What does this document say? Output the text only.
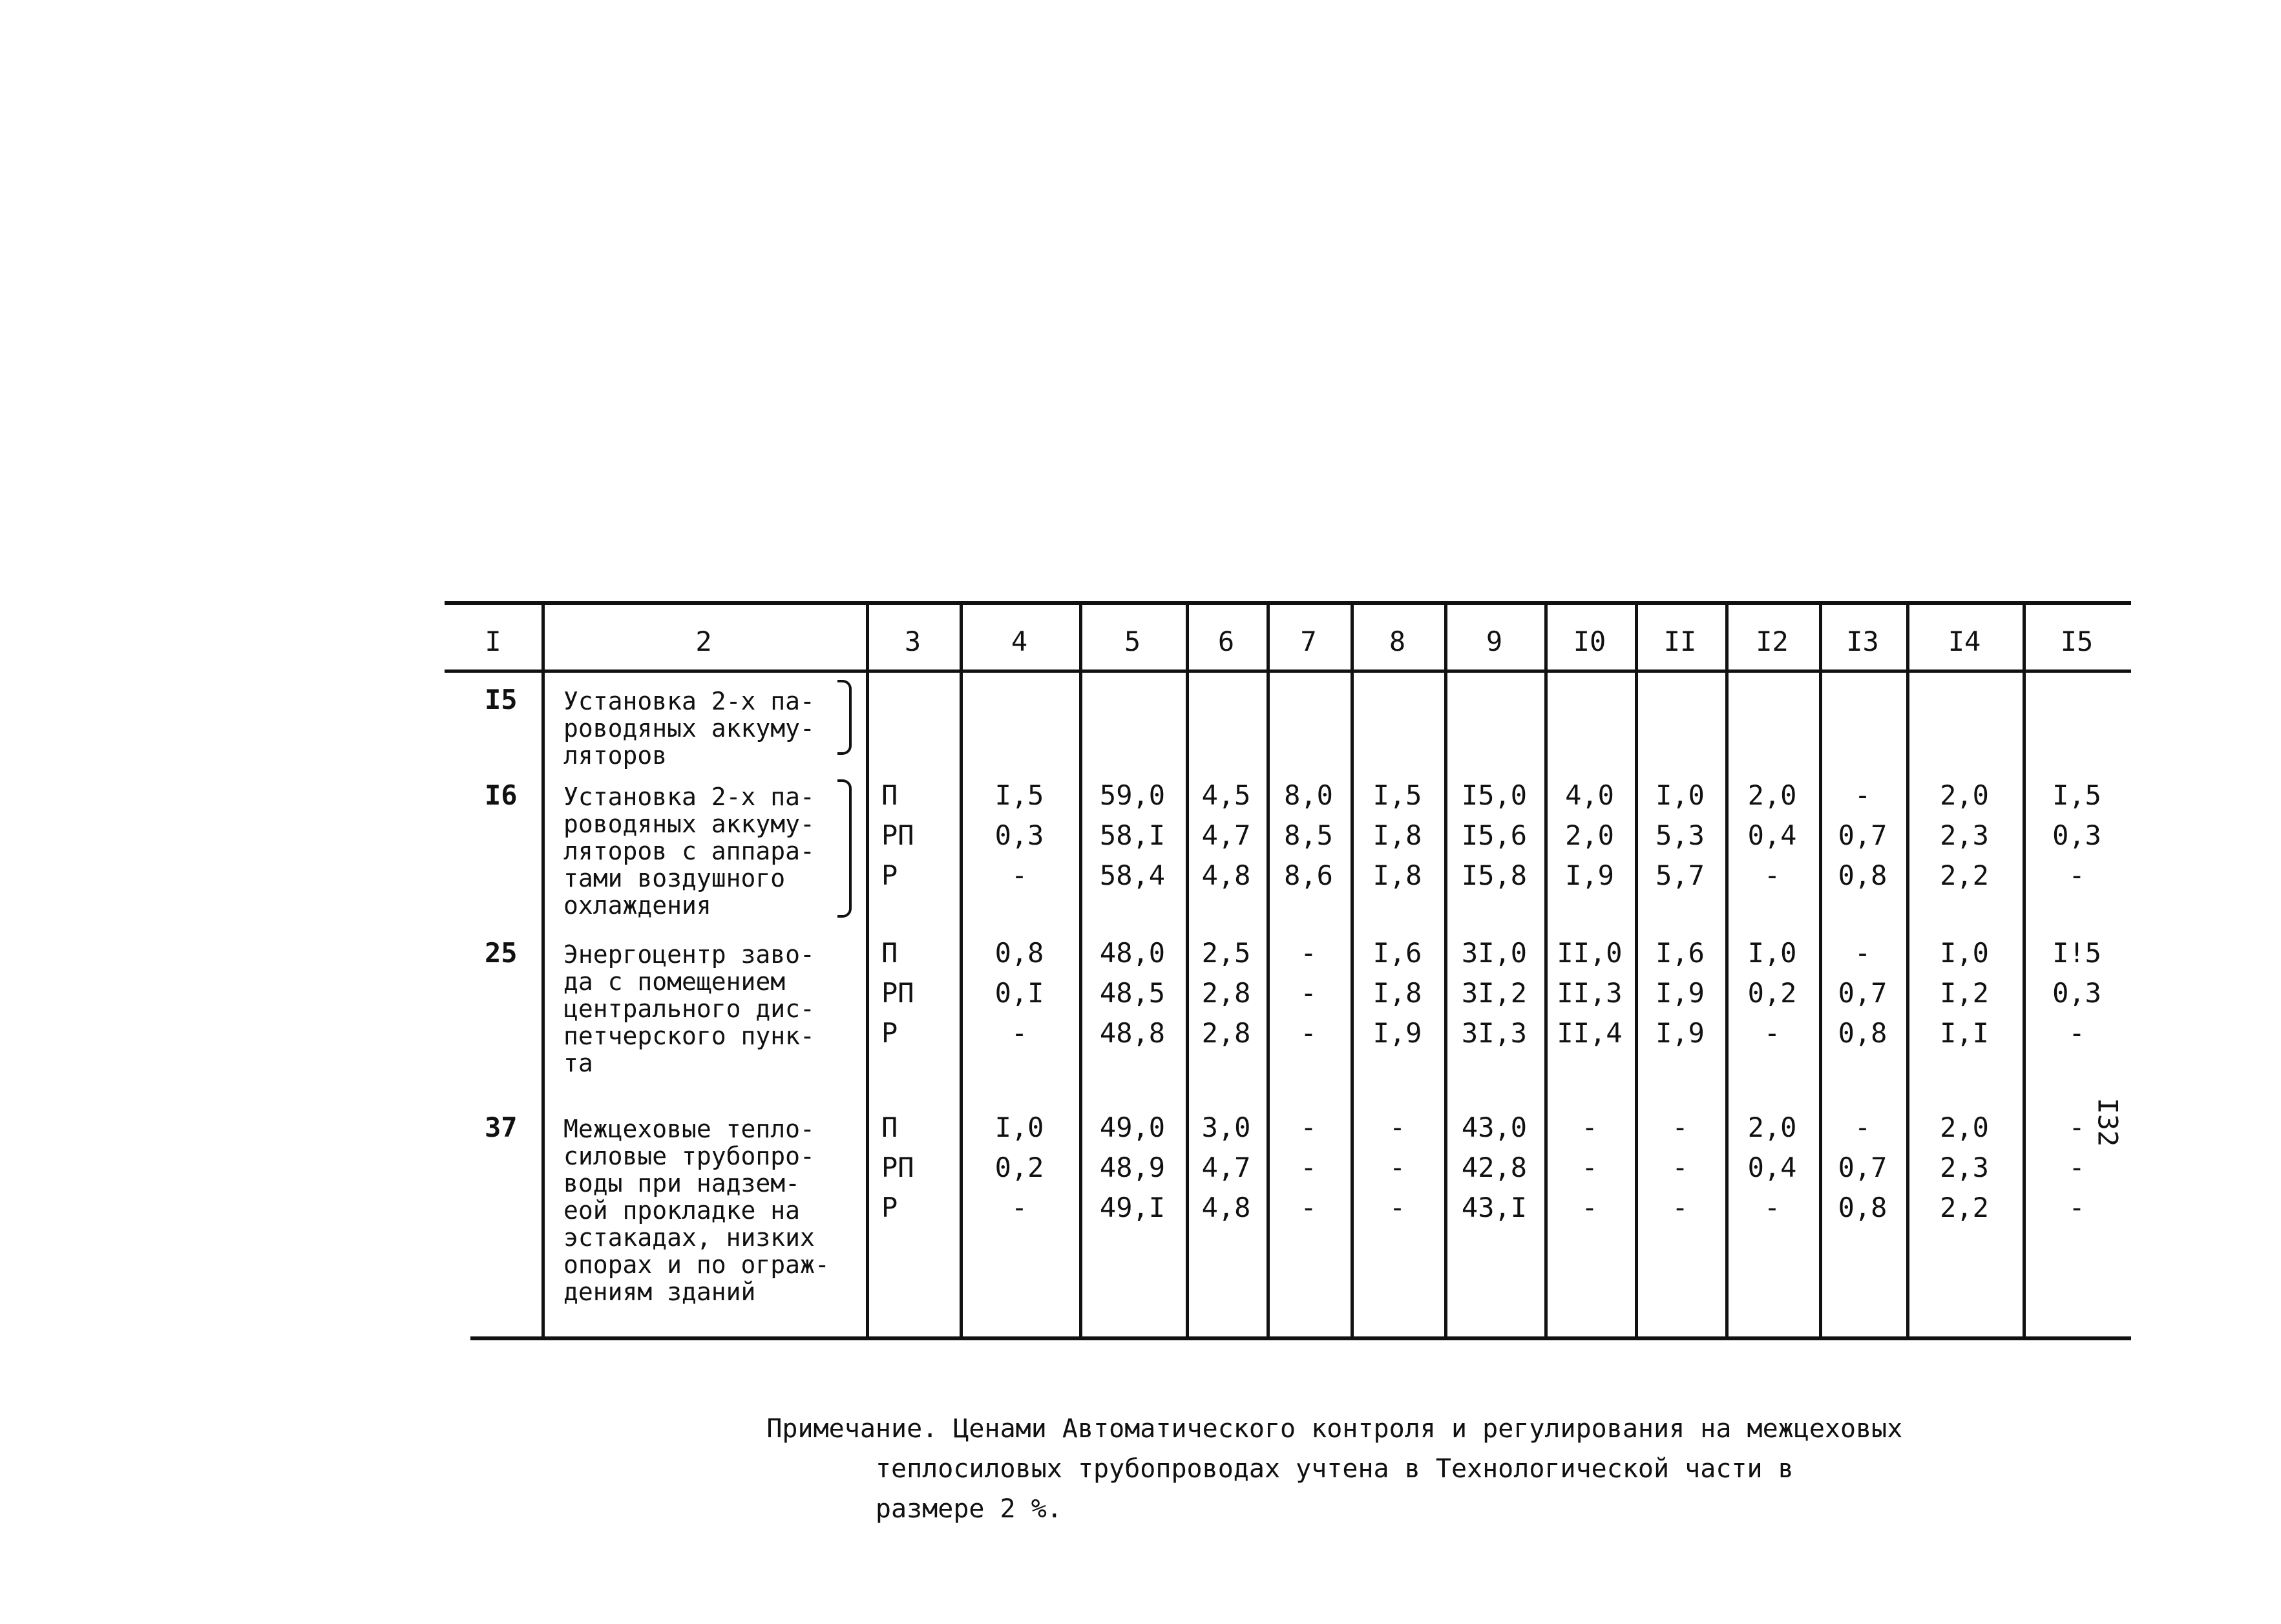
I	2	3	4	5	6	7	8	9	I0	II	I2	I3	I4	I5
I5 Установка 2-х па-
роводяных аккуму-
ляторов
I6 Установка 2-х па-
роводяных аккуму-
ляторов с аппара-
тами воздушного
охлаждения
П	I,5	59,0	4,5	8,0	I,5	I5,0	4,0	I,0	2,0	-	2,0	I,5
РП	0,3	58,I	4,7	8,5	I,8	I5,6	2,0	5,3	0,4	0,7	2,3	0,3
Р	-	58,4	4,8	8,6	I,8	I5,8	I,9	5,7	-	0,8	2,2	-
25 Энергоцентр заво-
да с помещением
центрального дис-
петчерского пунк-
та
П	0,8	48,0	2,5	-	I,6	3I,0	II,0	I,6	I,0	-	I,0	I!5
РП	0,I	48,5	2,8	-	I,8	3I,2	II,3	I,9	0,2	0,7	I,2	0,3
Р	-	48,8	2,8	-	I,9	3I,3	II,4	I,9	-	0,8	I,I	-
37 Межцеховые тепло-
силовые трубопро-
воды при надзем-
еой прокладке на
эстакадах, низких
опорах и по ограж-
дениям зданий
П	I,0	49,0	3,0	-	-	43,0	-	-	2,0	-	2,0	-
РП	0,2	48,9	4,7	-	-	42,8	-	-	0,4	0,7	2,3	-
Р	-	49,I	4,8	-	-	43,I	-	-	-	0,8	2,2	-

Примечание. Ценами Автоматического контроля и регулирования на межцеховых
теплосиловых трубопроводах учтена в Технологической части в
размере 2 %.

I32
